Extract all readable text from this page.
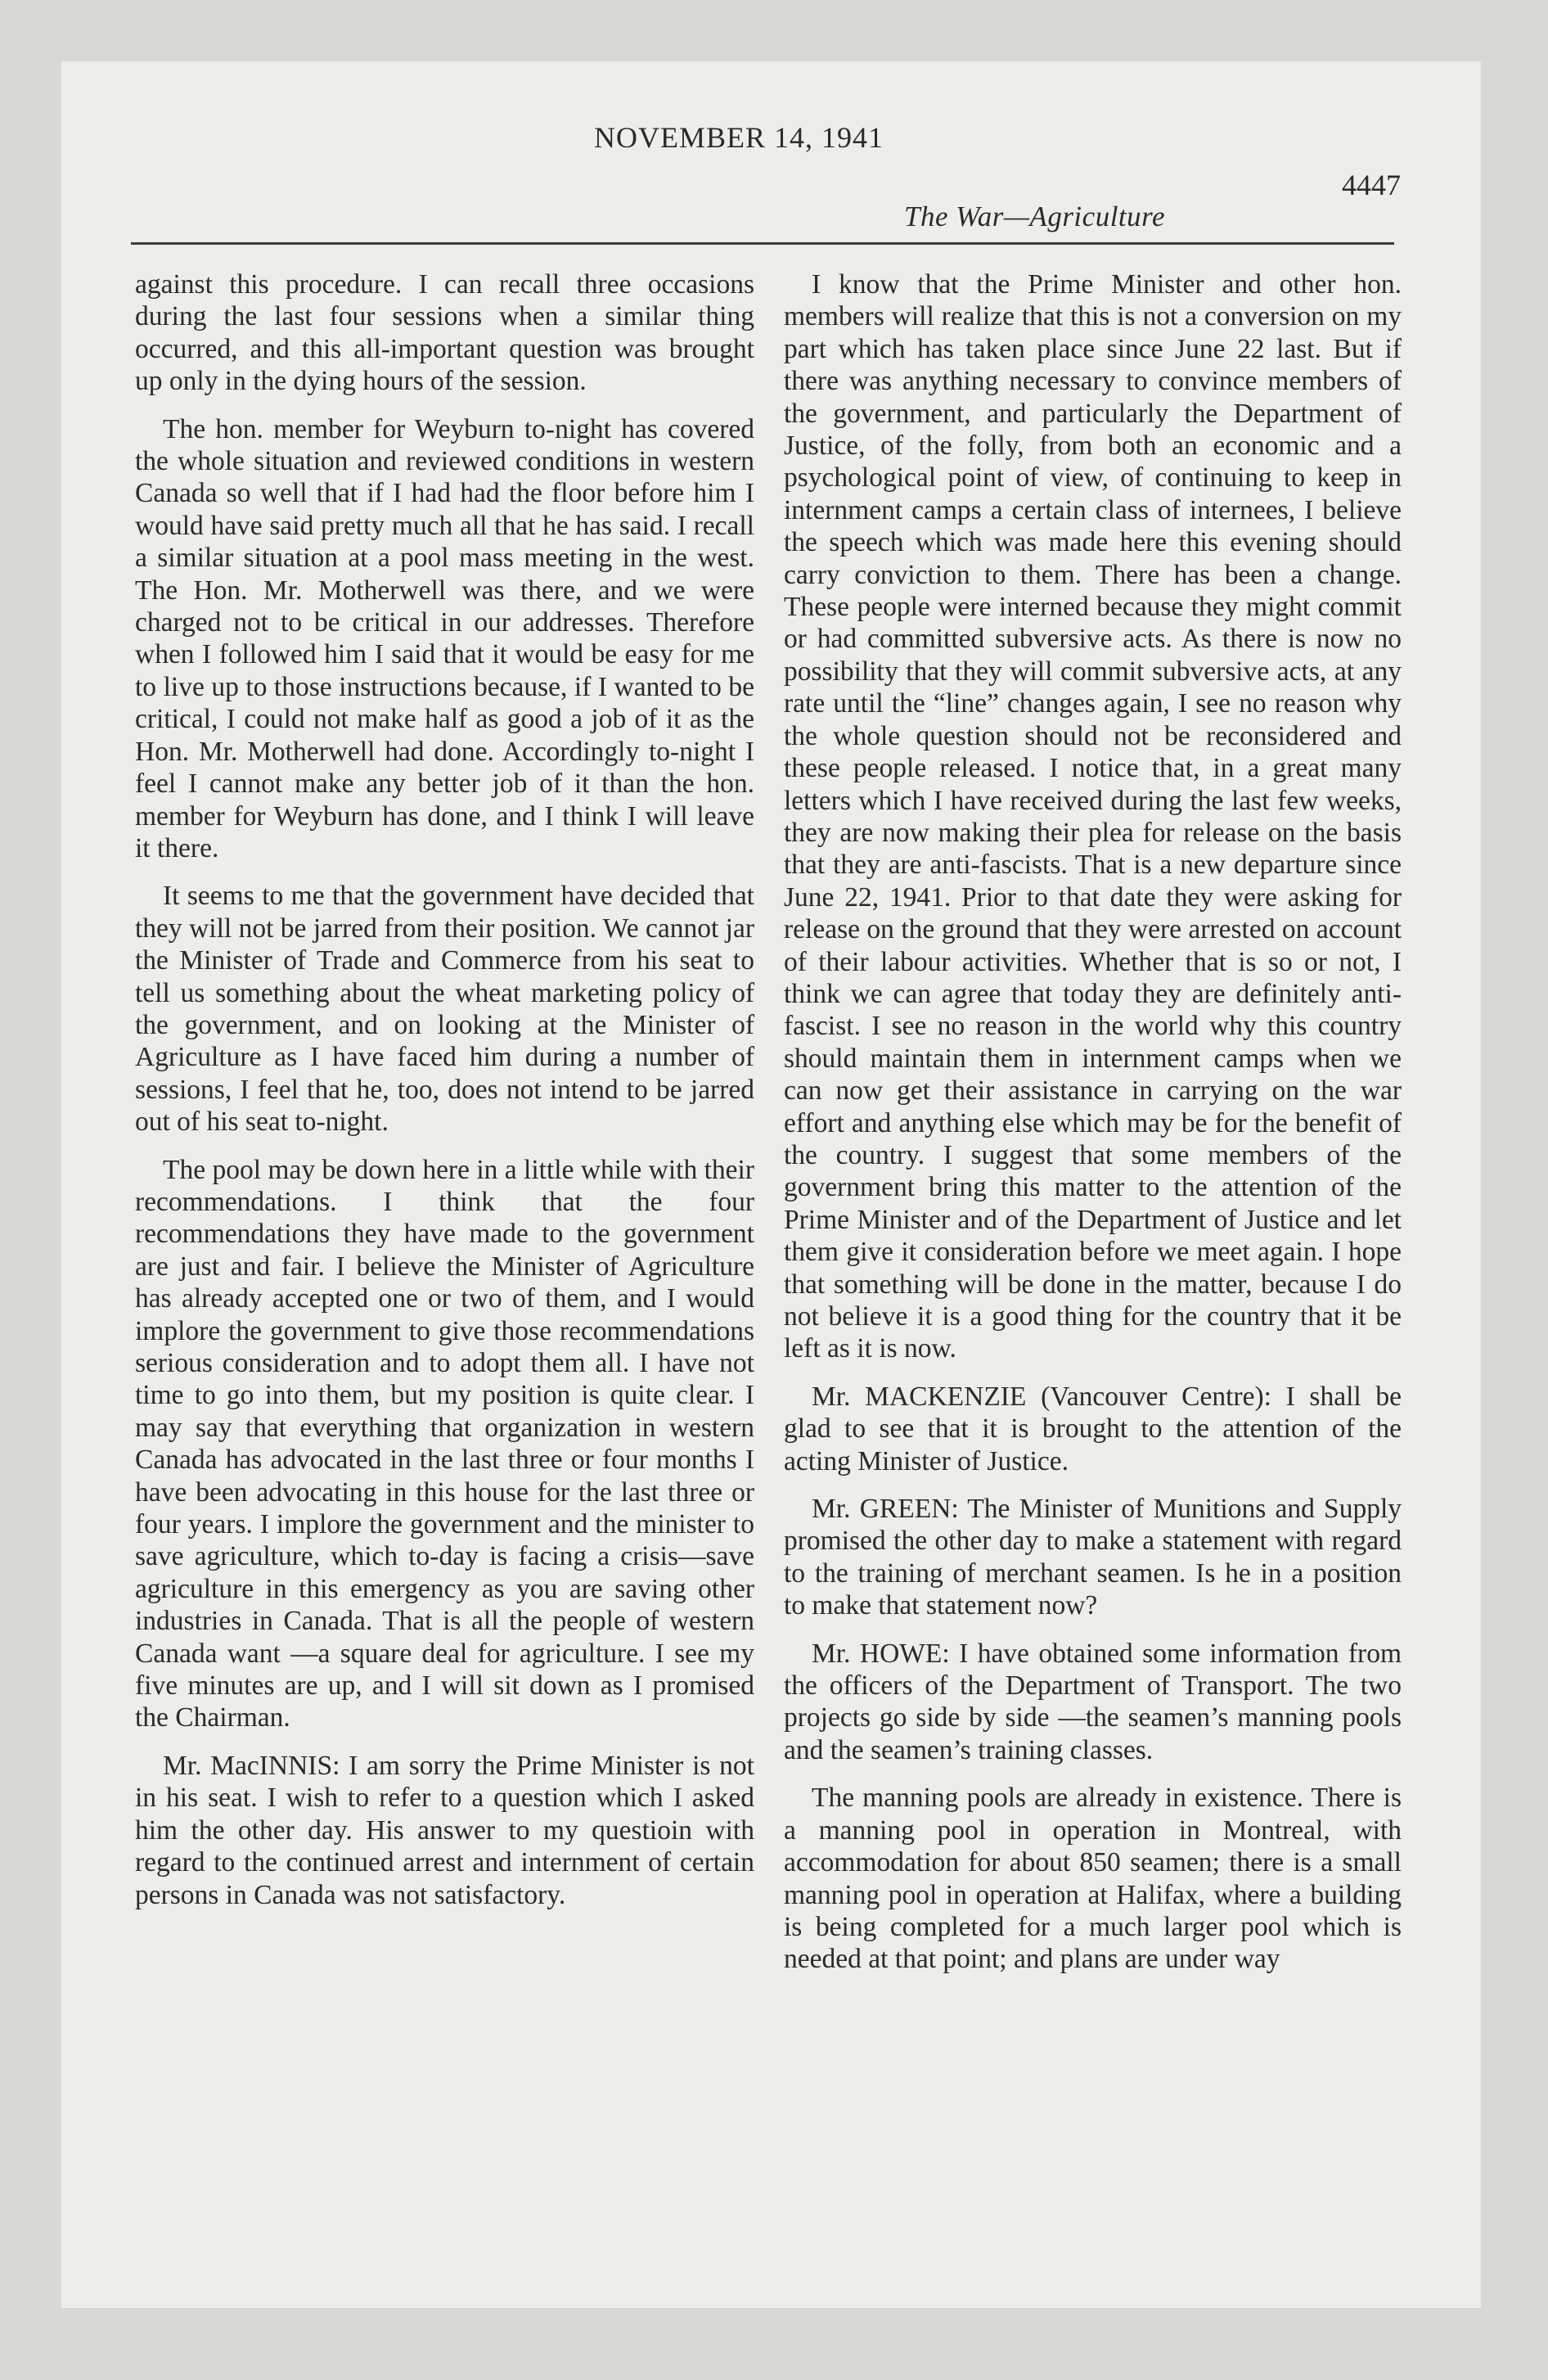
NOVEMBER 14, 1941
4447
The War—Agriculture

against this procedure. I can recall three occasions during the last four sessions when a similar thing occurred, and this all-important question was brought up only in the dying hours of the session.

The hon. member for Weyburn to-night has covered the whole situation and reviewed conditions in western Canada so well that if I had had the floor before him I would have said pretty much all that he has said. I recall a similar situation at a pool mass meeting in the west. The Hon. Mr. Motherwell was there, and we were charged not to be critical in our addresses. Therefore when I followed him I said that it would be easy for me to live up to those instructions because, if I wanted to be critical, I could not make half as good a job of it as the Hon. Mr. Motherwell had done. Accordingly to-night I feel I cannot make any better job of it than the hon. member for Weyburn has done, and I think I will leave it there.

It seems to me that the government have decided that they will not be jarred from their position. We cannot jar the Minister of Trade and Commerce from his seat to tell us something about the wheat marketing policy of the government, and on looking at the Minister of Agriculture as I have faced him during a number of sessions, I feel that he, too, does not intend to be jarred out of his seat to-night.

The pool may be down here in a little while with their recommendations. I think that the four recommendations they have made to the government are just and fair. I believe the Minister of Agriculture has already accepted one or two of them, and I would implore the government to give those recommendations serious consideration and to adopt them all. I have not time to go into them, but my position is quite clear. I may say that everything that organization in western Canada has advocated in the last three or four months I have been advocating in this house for the last three or four years. I implore the government and the minister to save agriculture, which to-day is facing a crisis—save agriculture in this emergency as you are saving other industries in Canada. That is all the people of western Canada want —a square deal for agriculture. I see my five minutes are up, and I will sit down as I promised the Chairman.

Mr. MacINNIS: I am sorry the Prime Minister is not in his seat. I wish to refer to a question which I asked him the other day. His answer to my questioin with regard to the continued arrest and internment of certain persons in Canada was not satisfactory.

I know that the Prime Minister and other hon. members will realize that this is not a conversion on my part which has taken place since June 22 last. But if there was anything necessary to convince members of the government, and particularly the Department of Justice, of the folly, from both an economic and a psychological point of view, of continuing to keep in internment camps a certain class of internees, I believe the speech which was made here this evening should carry conviction to them. There has been a change. These people were interned because they might commit or had committed subversive acts. As there is now no possibility that they will commit subversive acts, at any rate until the “line” changes again, I see no reason why the whole question should not be reconsidered and these people released. I notice that, in a great many letters which I have received during the last few weeks, they are now making their plea for release on the basis that they are anti-fascists. That is a new departure since June 22, 1941. Prior to that date they were asking for release on the ground that they were arrested on account of their labour activities. Whether that is so or not, I think we can agree that today they are definitely anti-fascist. I see no reason in the world why this country should maintain them in internment camps when we can now get their assistance in carrying on the war effort and anything else which may be for the benefit of the country. I suggest that some members of the government bring this matter to the attention of the Prime Minister and of the Department of Justice and let them give it consideration before we meet again. I hope that something will be done in the matter, because I do not believe it is a good thing for the country that it be left as it is now.

Mr. MACKENZIE (Vancouver Centre): I shall be glad to see that it is brought to the attention of the acting Minister of Justice.

Mr. GREEN: The Minister of Munitions and Supply promised the other day to make a statement with regard to the training of merchant seamen. Is he in a position to make that statement now?

Mr. HOWE: I have obtained some information from the officers of the Department of Transport. The two projects go side by side —the seamen’s manning pools and the seamen’s training classes.

The manning pools are already in existence. There is a manning pool in operation in Montreal, with accommodation for about 850 seamen; there is a small manning pool in operation at Halifax, where a building is being completed for a much larger pool which is needed at that point; and plans are under way
